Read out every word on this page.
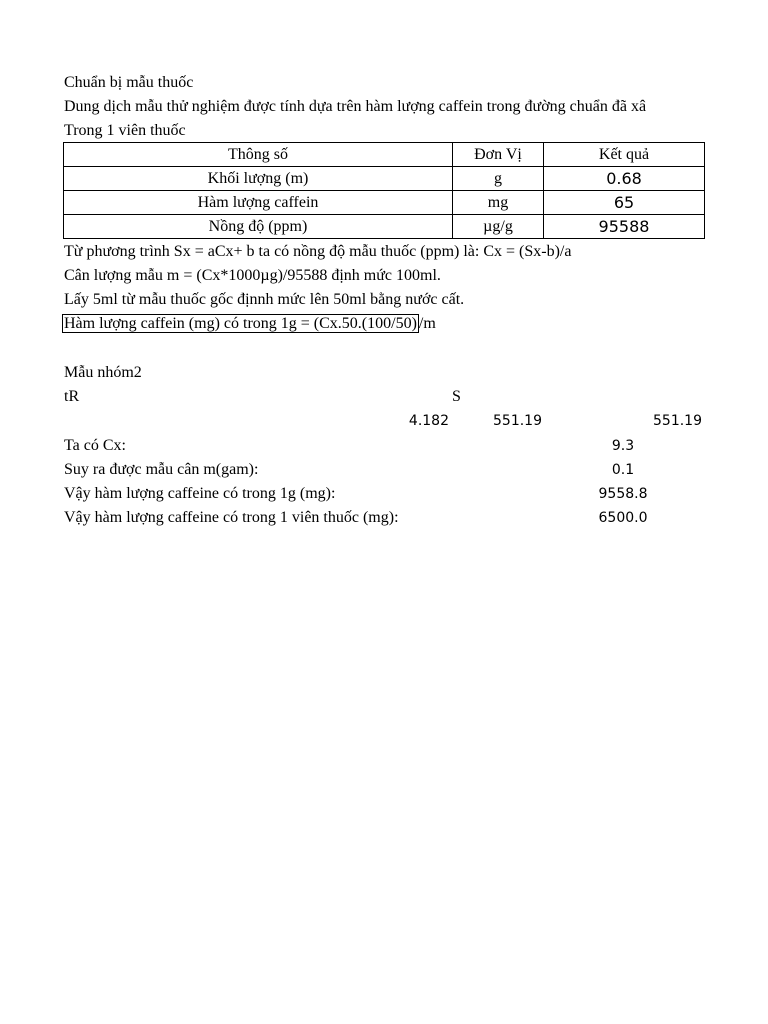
Chuẩn bị mẫu thuốc
Dung dịch mẫu thử nghiệm được tính dựa trên hàm lượng caffein trong đường chuẩn đã xâ
Trong 1 viên thuốc
Thông số	Đơn Vị	Kết quả
Khối lượng (m)	g	0.68
Hàm lượng caffein	mg	65
Nồng độ (ppm)	µg/g	95588
Từ phương trình Sx = aCx+ b ta có nồng độ mẫu thuốc (ppm) là: Cx = (Sx-b)/a
Cân lượng mẫu m = (Cx*1000µg)/95588 định mức 100ml.
Lấy 5ml từ mẫu thuốc gốc địnnh mức lên 50ml bằng nước cất.
Hàm lượng caffein (mg) có trong 1g = (Cx.50.(100/50) /m
Mẫu nhóm2
tR	S
4.182	551.19	551.19
Ta có Cx:	9.3
Suy ra được mẫu cân m(gam):	0.1
Vậy hàm lượng caffeine có trong 1g (mg):	9558.8
Vậy hàm lượng caffeine có trong 1 viên thuốc (mg):	6500.0
